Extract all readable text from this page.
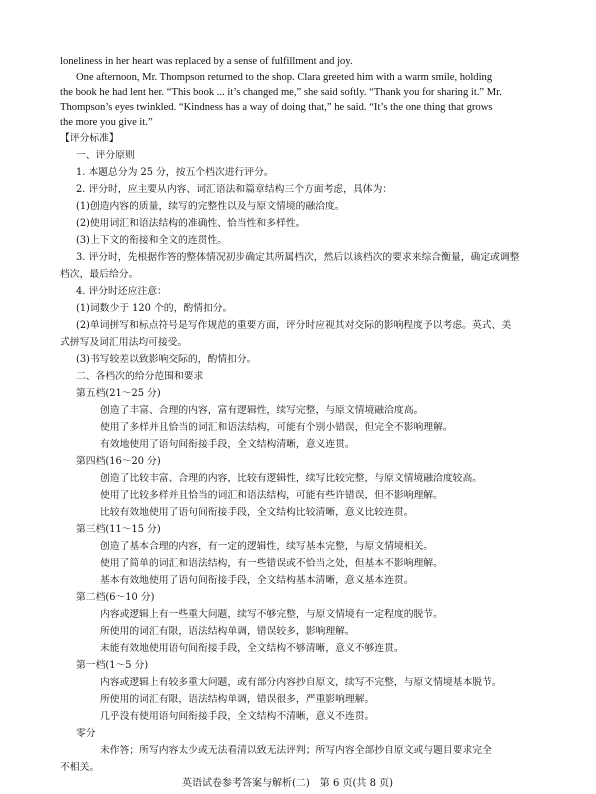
loneliness in her heart was replaced by a sense of fulfillment and joy.

One afternoon, Mr. Thompson returned to the shop. Clara greeted him with a warm smile, holding

the book he had lent her. “This book ... it’s changed me,” she said softly. “Thank you for sharing it.” Mr.

Thompson’s eyes twinkled. “Kindness has a way of doing that,” he said. “It’s the one thing that grows

the more you give it.”

【评分标准】

一、评分原则

1. 本题总分为 25 分，按五个档次进行评分。

2. 评分时，应主要从内容、词汇语法和篇章结构三个方面考虑，具体为：

(1)创造内容的质量，续写的完整性以及与原文情境的融洽度。

(2)使用词汇和语法结构的准确性、恰当性和多样性。

(3)上下文的衔接和全文的连贯性。

3. 评分时，先根据作答的整体情况初步确定其所属档次，然后以该档次的要求来综合衡量，确定或调整

档次，最后给分。

4. 评分时还应注意：

(1)词数少于 120 个的，酌情扣分。

(2)单词拼写和标点符号是写作规范的重要方面，评分时应视其对交际的影响程度予以考虑。英式、美

式拼写及词汇用法均可接受。

(3)书写较差以致影响交际的，酌情扣分。

二、各档次的给分范围和要求

第五档(21～25 分)

创造了丰富、合理的内容，富有逻辑性，续写完整，与原文情境融洽度高。

使用了多样并且恰当的词汇和语法结构，可能有个别小错误，但完全不影响理解。

有效地使用了语句间衔接手段，全文结构清晰，意义连贯。

第四档(16～20 分)

创造了比较丰富、合理的内容，比较有逻辑性，续写比较完整，与原文情境融洽度较高。

使用了比较多样并且恰当的词汇和语法结构，可能有些许错误，但不影响理解。

比较有效地使用了语句间衔接手段，全文结构比较清晰，意义比较连贯。

第三档(11～15 分)

创造了基本合理的内容，有一定的逻辑性，续写基本完整，与原文情境相关。

使用了简单的词汇和语法结构，有一些错误或不恰当之处，但基本不影响理解。

基本有效地使用了语句间衔接手段，全文结构基本清晰，意义基本连贯。

第二档(6～10 分)

内容或逻辑上有一些重大问题，续写不够完整，与原文情境有一定程度的脱节。

所使用的词汇有限，语法结构单调，错误较多，影响理解。

未能有效地使用语句间衔接手段，全文结构不够清晰，意义不够连贯。

第一档(1～5 分)

内容或逻辑上有较多重大问题，或有部分内容抄自原文，续写不完整，与原文情境基本脱节。

所使用的词汇有限，语法结构单调，错误很多，严重影响理解。

几乎没有使用语句间衔接手段，全文结构不清晰，意义不连贯。

零分

未作答；所写内容太少或无法看清以致无法评判；所写内容全部抄自原文或与题目要求完全

不相关。

英语试卷参考答案与解析(二)　第 6 页(共 8 页)
